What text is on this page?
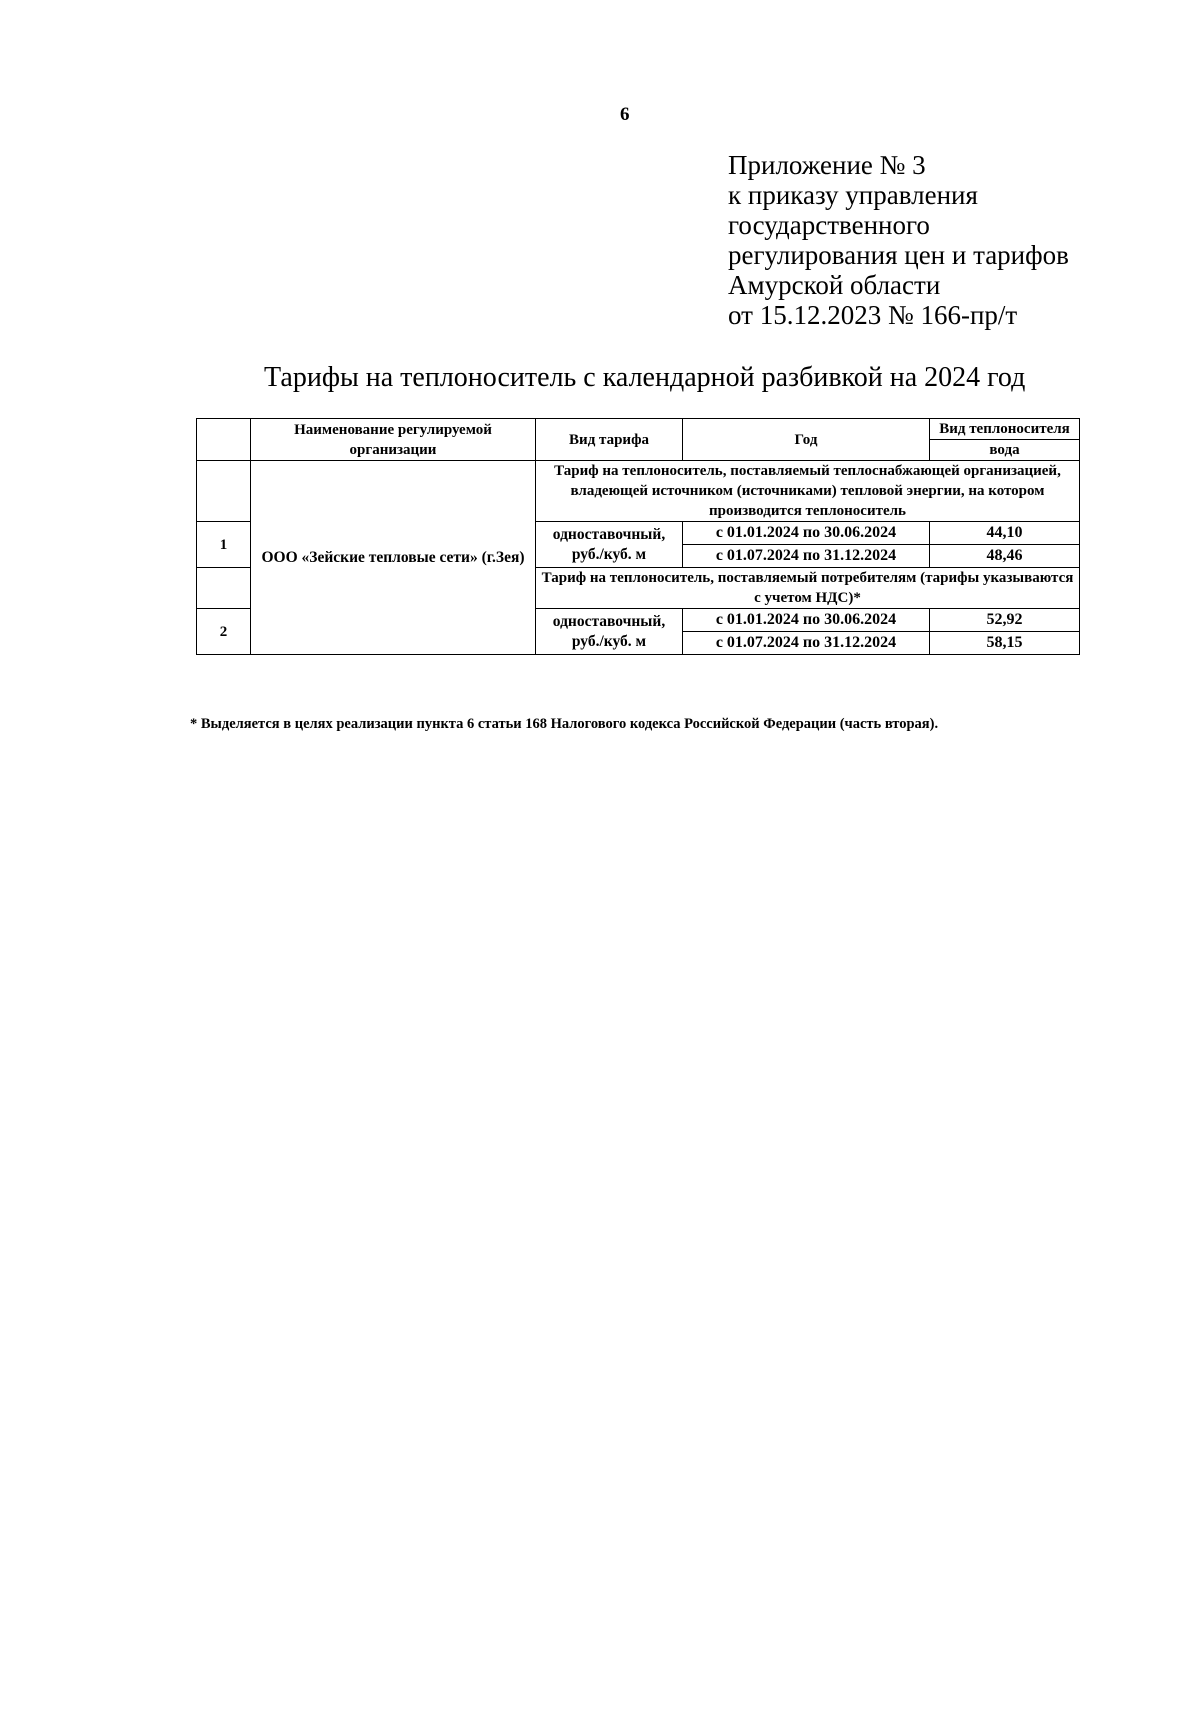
6
Приложение № 3
к приказу управления
государственного
регулирования цен и тарифов
Амурской области
от 15.12.2023 № 166-пр/т
Тарифы на теплоноситель с календарной разбивкой на 2024 год
	Наименование регулируемой организации	Вид тарифа	Год	Вид теплоносителя
				вода
	ООО «Зейские тепловые сети» (г.Зея)	Тариф на теплоноситель, поставляемый теплоснабжающей организацией, владеющей источником (источниками) тепловой энергии, на котором производится теплоноситель		
1		одноставочный, руб./куб. м	с 01.01.2024 по 30.06.2024	44,10
			с 01.07.2024 по 31.12.2024	48,46
		Тариф на теплоноситель, поставляемый потребителям (тарифы указываются с учетом НДС)*		
2		одноставочный, руб./куб. м	с 01.01.2024 по 30.06.2024	52,92
			с 01.07.2024 по 31.12.2024	58,15
* Выделяется в целях реализации пункта 6 статьи 168 Налогового кодекса Российской Федерации (часть вторая).
